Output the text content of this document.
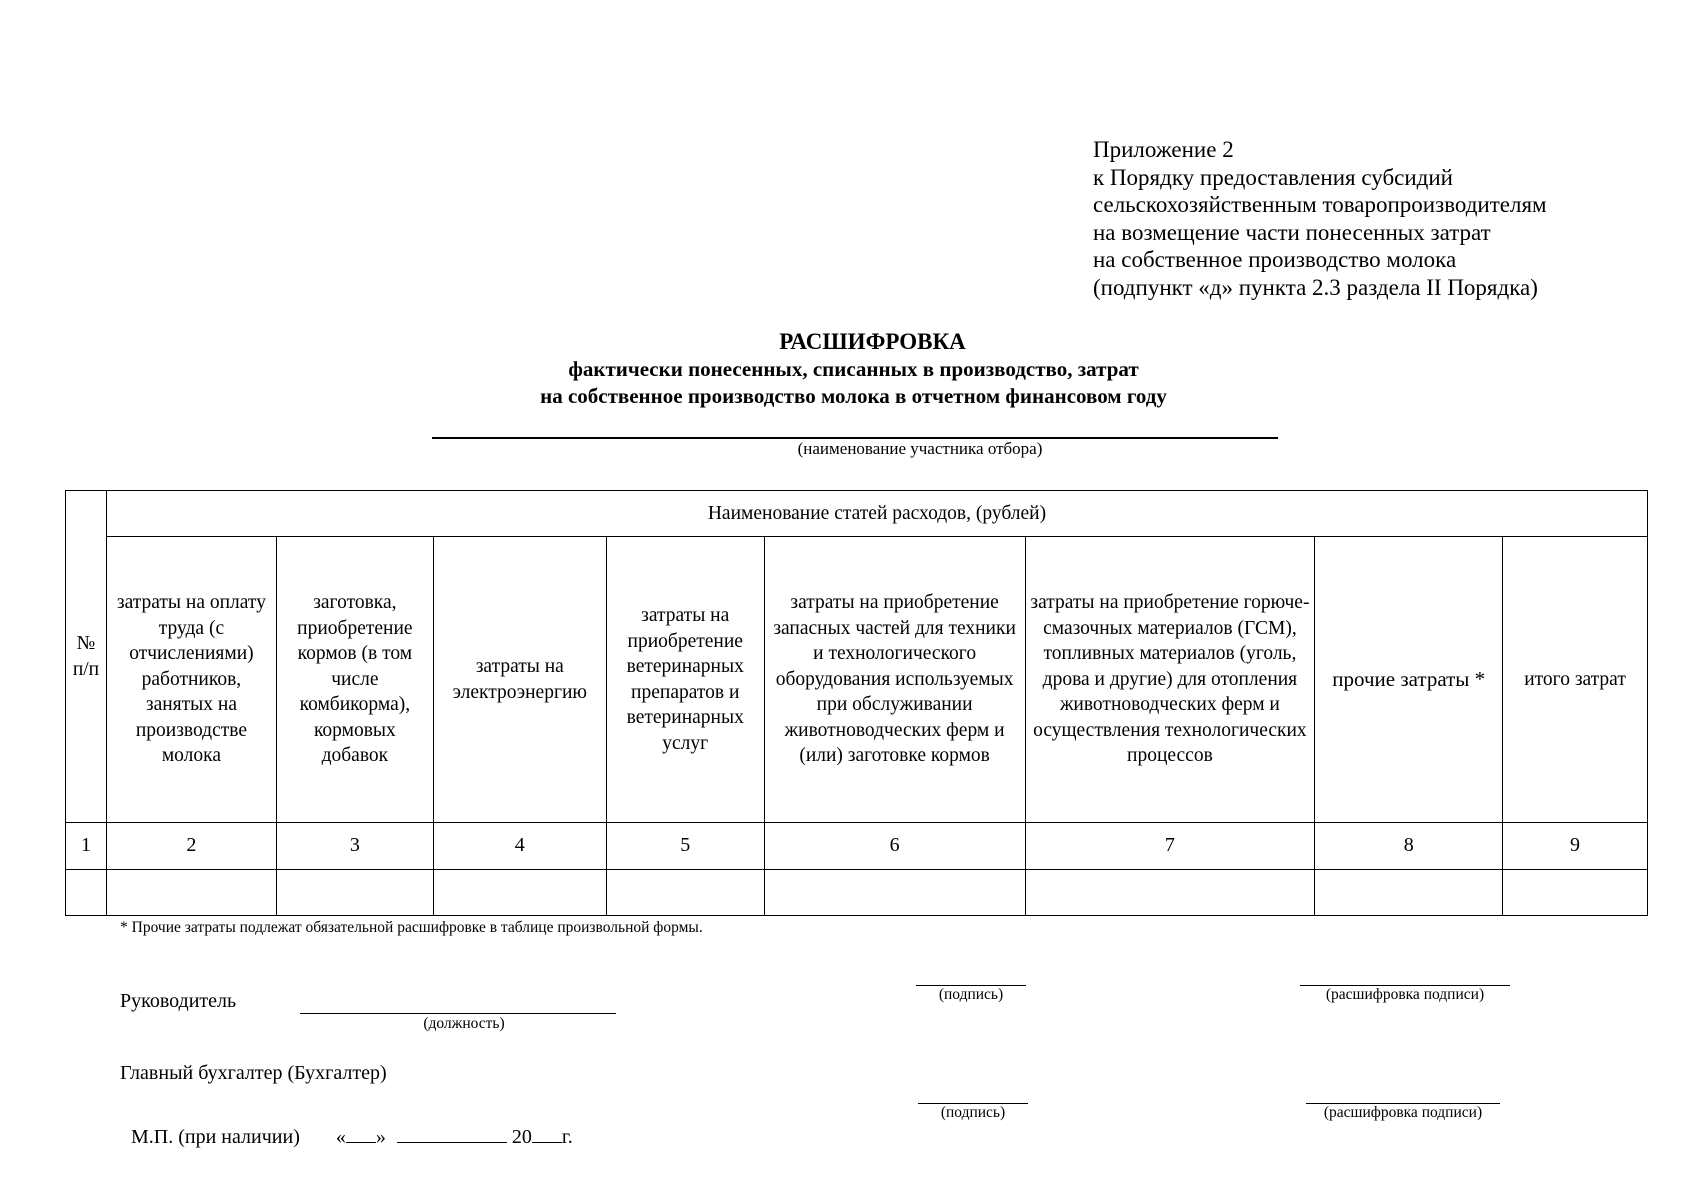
Приложение 2
к Порядку предоставления субсидий
сельскохозяйственным товаропроизводителям
на возмещение части понесенных затрат
на собственное производство молока
(подпункт «д» пункта 2.3 раздела II Порядка)
РАСШИФРОВКА
фактически понесенных, списанных в производство, затрат
на собственное производство молока в отчетном финансовом году
(наименование участника отбора)
№ п/п	Наименование статей расходов, (рублей)							
	затраты на оплату труда (с отчислениями) работников, занятых на производстве молока	заготовка, приобретение кормов (в том числе комбикорма), кормовых добавок	затраты на электроэнергию	затраты на приобретение ветеринарных препаратов и ветеринарных услуг	затраты на приобретение запасных частей для техники и технологического оборудования используемых при обслуживании животноводческих ферм и (или) заготовке кормов	затраты на приобретение горюче-смазочных материалов (ГСМ), топливных материалов (уголь, дрова и другие) для отопления животноводческих ферм и осуществления технологических процессов	прочие затраты *	итого затрат
1	2	3	4	5	6	7	8	9

* Прочие затраты подлежат обязательной расшифровке в таблице произвольной формы.
Руководитель
(должность)
(подпись)	(расшифровка подписи)
Главный бухгалтер (Бухгалтер)
(подпись)	(расшифровка подписи)
М.П. (при наличии) « »	20 г.
